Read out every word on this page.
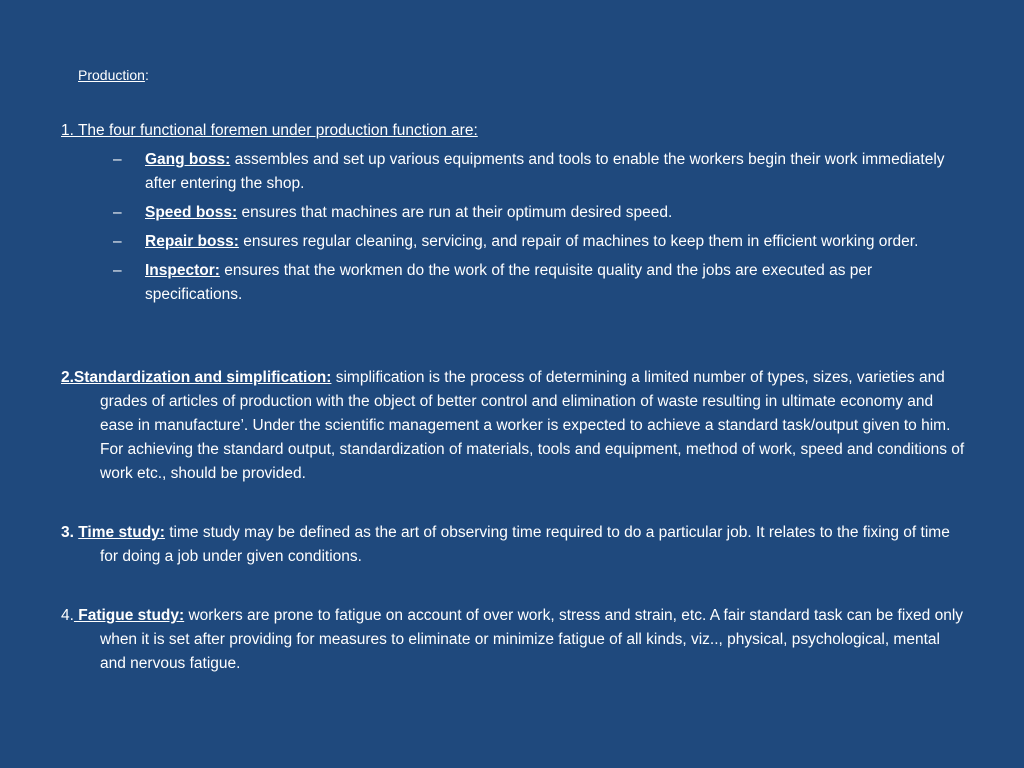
Production:
1. The four functional foremen under production function are:
– Gang boss: assembles and set up various equipments and tools to enable the workers begin their work immediately after entering the shop.
– Speed boss: ensures that machines are run at their optimum desired speed.
– Repair boss: ensures regular cleaning, servicing, and repair of machines to keep them in efficient working order.
– Inspector: ensures that the workmen do the work of the requisite quality and the jobs are executed as per specifications.

2.Standardization and simplification: simplification is the process of determining a limited number of types, sizes, varieties and grades of articles of production with the object of better control and elimination of waste resulting in ultimate economy and ease in manufacture’. Under the scientific management a worker is expected to achieve a standard task/output given to him. For achieving the standard output, standardization of materials, tools and equipment, method of work, speed and conditions of work etc., should be provided.

3. Time study: time study may be defined as the art of observing time required to do a particular job. It relates to the fixing of time for doing a job under given conditions.

4. Fatigue study: workers are prone to fatigue on account of over work, stress and strain, etc. A fair standard task can be fixed only when it is set after providing for measures to eliminate or minimize fatigue of all kinds, viz.., physical, psychological, mental and nervous fatigue.
